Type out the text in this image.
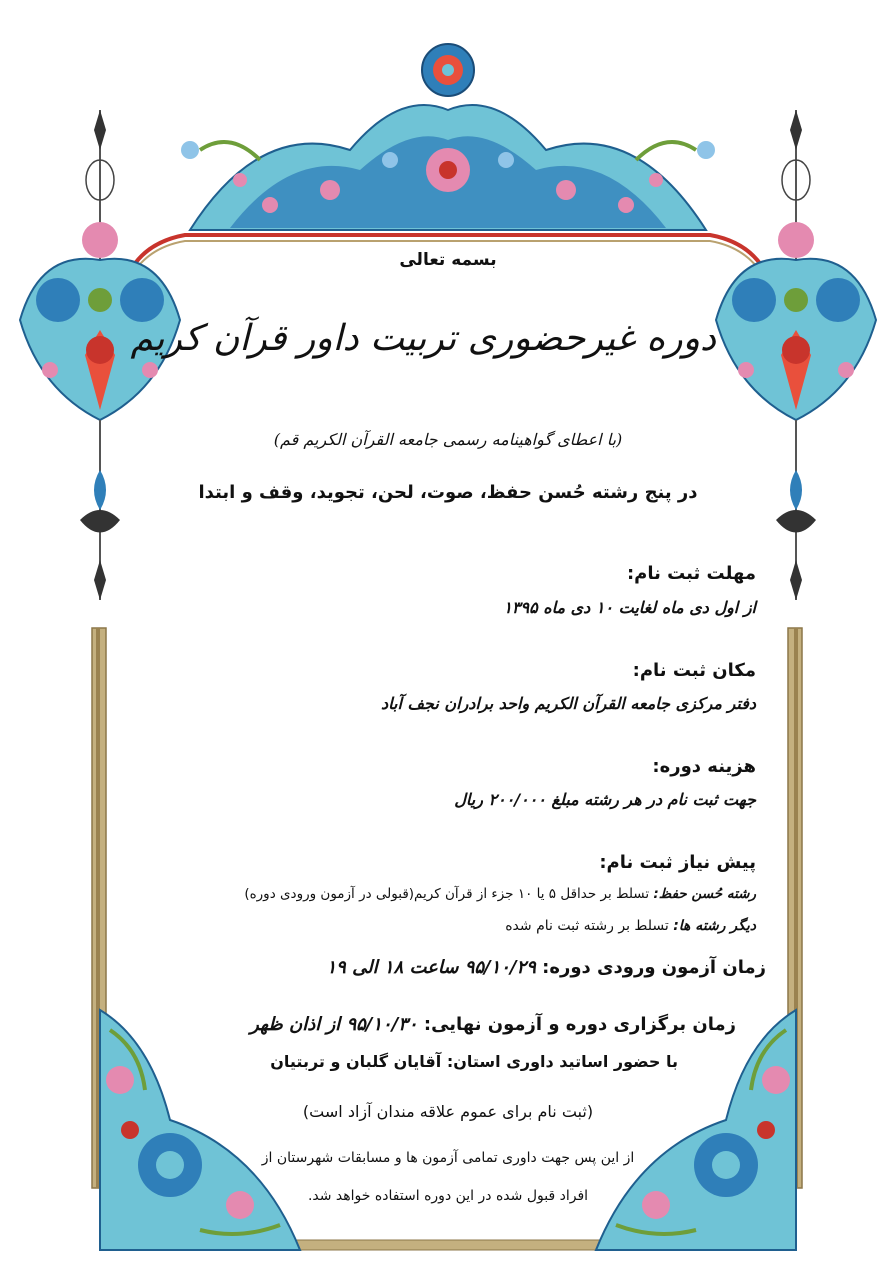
بسمه تعالی
دوره غیرحضوری تربیت داور قرآن کریم
(با اعطای گواهینامه رسمی جامعه القرآن الکریم قم)
در پنج رشته حُسن حفظ، صوت، لحن، تجوید، وقف و ابتدا
مهلت ثبت نام:
از اول دی ماه لغایت ۱۰ دی ماه ۱۳۹۵
مکان ثبت نام:
دفتر مرکزی جامعه القرآن الکریم واحد برادران نجف آباد
هزینه دوره:
جهت ثبت نام در هر رشته مبلغ ۲۰۰/۰۰۰ ریال
پیش نیاز ثبت نام:
رشته حُسن حفظ: تسلط بر حداقل ۵ یا ۱۰ جزء از قرآن کریم(قبولی در آزمون ورودی دوره)
دیگر رشته ها: تسلط بر رشته ثبت نام شده
زمان آزمون ورودی دوره: ۹۵/۱۰/۲۹ ساعت ۱۸ الی ۱۹
زمان برگزاری دوره و آزمون نهایی: ۹۵/۱۰/۳۰ از اذان ظهر
با حضور اساتید داوری استان: آقایان گلبان و تربتیان
(ثبت نام برای عموم علاقه مندان آزاد است)
از این پس جهت داوری تمامی آزمون ها و مسابقات شهرستان از
افراد قبول شده در این دوره استفاده خواهد شد.
